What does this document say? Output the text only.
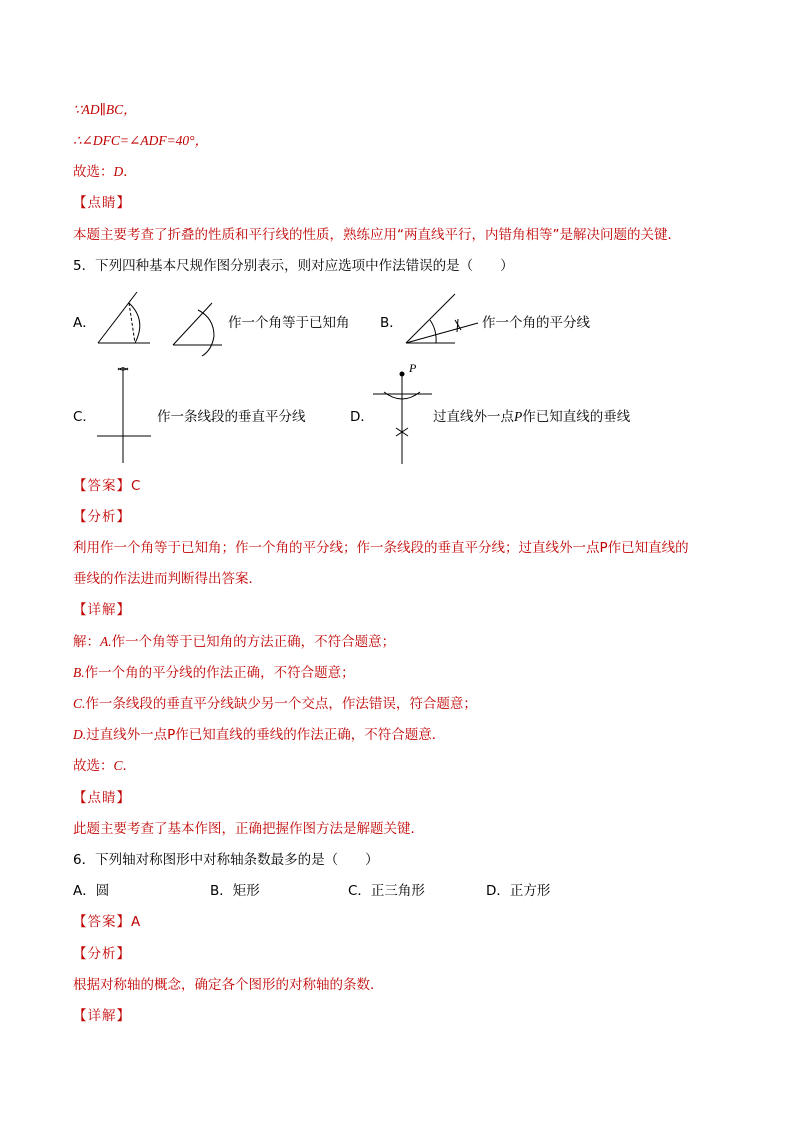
∵AD∥BC，
∴∠DFC=∠ADF=40°，
故选：D．
【点睛】
本题主要考查了折叠的性质和平行线的性质，熟练应用“两直线平行，内错角相等”是解决问题的关键．
5．下列四种基本尺规作图分别表示，则对应选项中作法错误的是（　　）
A．	作一个角等于已知角 B．	作一个角的平分线
C．	作一条线段的垂直平分线	D．
P
过直线外一点P作已知直线的垂线
【答案】C
【分析】
利用作一个角等于已知角；作一个角的平分线；作一条线段的垂直平分线；过直线外一点P作已知直线的
垂线的作法进而判断得出答案．
【详解】
解：A.作一个角等于已知角的方法正确，不符合题意；
B.作一个角的平分线的作法正确，不符合题意；
C.作一条线段的垂直平分线缺少另一个交点，作法错误，符合题意；
D.过直线外一点P作已知直线的垂线的作法正确，不符合题意．
故选：C．
【点睛】
此题主要考查了基本作图，正确把握作图方法是解题关键．
6．下列轴对称图形中对称轴条数最多的是（　　）
A．圆	B．矩形	C．正三角形	D．正方形
【答案】A
【分析】
根据对称轴的概念，确定各个图形的对称轴的条数．
【详解】
